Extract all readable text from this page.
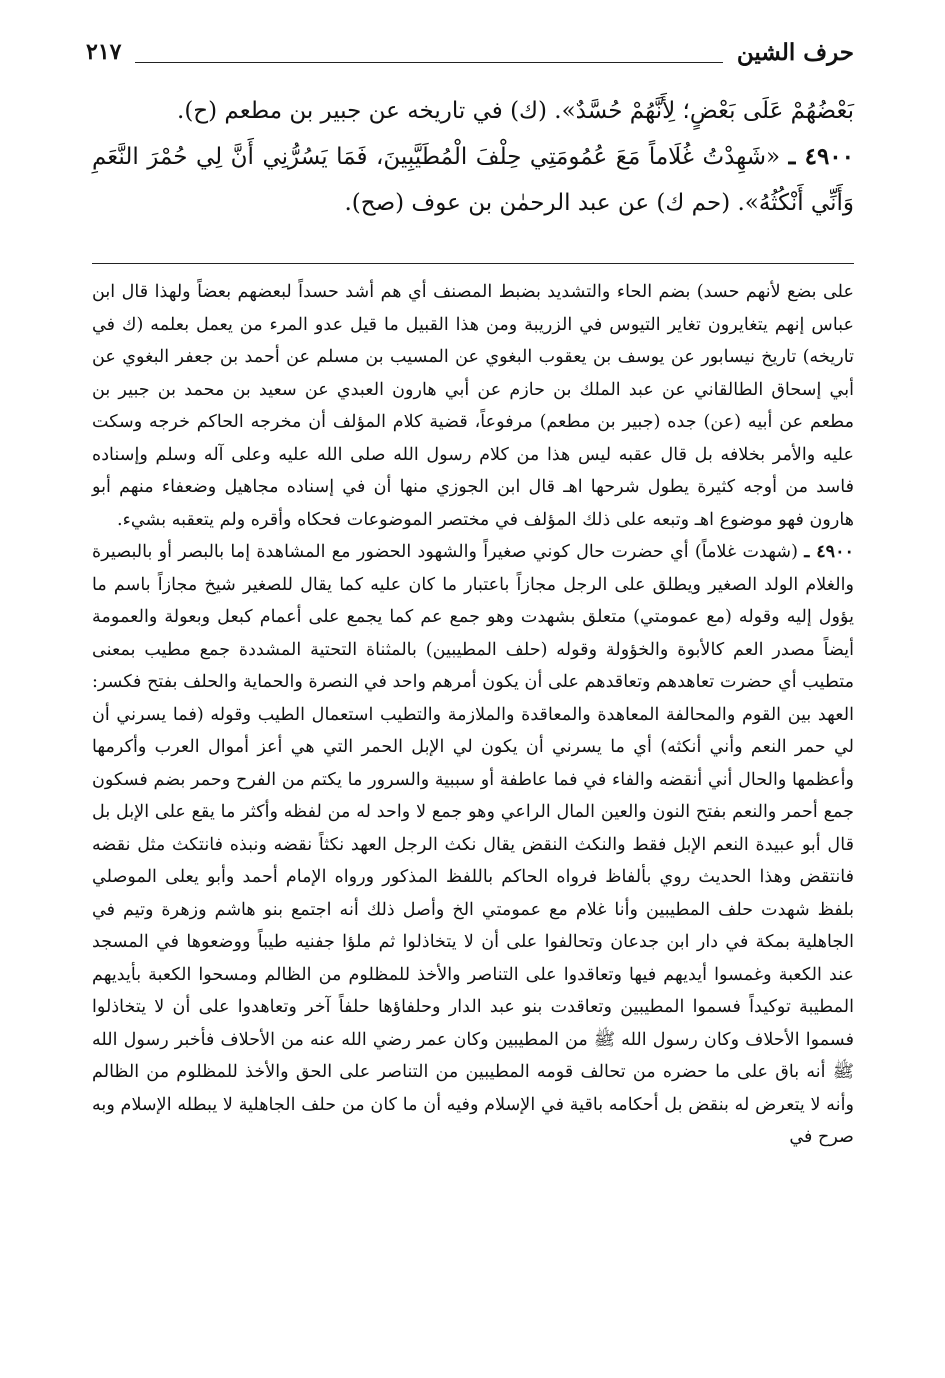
٢١٧	حرف الشين

بَعْضُهُمْ عَلَى بَعْضٍ؛ لِأَنَّهُمْ حُسَّدٌ». (ك) في تاريخه عن جبير بن مطعم (ح).

٤٩٠٠ ـ «شَهِدْتُ غُلَاماً مَعَ عُمُومَتِي حِلْفَ الْمُطَيَّبِينَ، فَمَا يَسُرُّنِي أَنَّ لِي حُمْرَ النَّعَمِ وَأَنِّي أَنْكُثُهُ». (حم ك) عن عبد الرحمٰن بن عوف (صح).

على بضع لأنهم حسد) بضم الحاء والتشديد بضبط المصنف أي هم أشد حسداً لبعضهم بعضاً ولهذا قال ابن عباس إنهم يتغايرون تغاير التيوس في الزريبة ومن هذا القبيل ما قيل عدو المرء من يعمل بعلمه (ك في تاريخه) تاريخ نيسابور عن يوسف بن يعقوب البغوي عن المسيب بن مسلم عن أحمد بن جعفر البغوي عن أبي إسحاق الطالقاني عن عبد الملك بن حازم عن أبي هارون العبدي عن سعيد بن محمد بن جبير بن مطعم عن أبيه (عن) جده (جبير بن مطعم) مرفوعاً، قضية كلام المؤلف أن مخرجه الحاكم خرجه وسكت عليه والأمر بخلافه بل قال عقبه ليس هذا من كلام رسول الله صلى الله عليه وعلى آله وسلم وإسناده فاسد من أوجه كثيرة يطول شرحها اهـ قال ابن الجوزي منها أن في إسناده مجاهيل وضعفاء منهم أبو هارون فهو موضوع اهـ وتبعه على ذلك المؤلف في مختصر الموضوعات فحكاه وأقره ولم يتعقبه بشيء.

٤٩٠٠ ـ (شهدت غلاماً) أي حضرت حال كوني صغيراً والشهود الحضور مع المشاهدة إما بالبصر أو بالبصيرة والغلام الولد الصغير ويطلق على الرجل مجازاً باعتبار ما كان عليه كما يقال للصغير شيخ مجازاً باسم ما يؤول إليه وقوله (مع عمومتي) متعلق بشهدت وهو جمع عم كما يجمع على أعمام كبعل وبعولة والعمومة أيضاً مصدر العم كالأبوة والخؤولة وقوله (حلف المطيبين) بالمثناة التحتية المشددة جمع مطيب بمعنى متطيب أي حضرت تعاهدهم وتعاقدهم على أن يكون أمرهم واحد في النصرة والحماية والحلف بفتح فكسر: العهد بين القوم والمحالفة المعاهدة والمعاقدة والملازمة والتطيب استعمال الطيب وقوله (فما يسرني أن لي حمر النعم وأني أنكثه) أي ما يسرني أن يكون لي الإبل الحمر التي هي أعز أموال العرب وأكرمها وأعظمها والحال أني أنقضه والفاء في فما عاطفة أو سببية والسرور ما يكتم من الفرح وحمر بضم فسكون جمع أحمر والنعم بفتح النون والعين المال الراعي وهو جمع لا واحد له من لفظه وأكثر ما يقع على الإبل بل قال أبو عبيدة النعم الإبل فقط والنكث النقض يقال نكث الرجل العهد نكثاً نقضه ونبذه فانتكث مثل نقضه فانتقض وهذا الحديث روي بألفاظ فرواه الحاكم باللفظ المذكور ورواه الإمام أحمد وأبو يعلى الموصلي بلفظ شهدت حلف المطيبين وأنا غلام مع عمومتي الخ وأصل ذلك أنه اجتمع بنو هاشم وزهرة وتيم في الجاهلية بمكة في دار ابن جدعان وتحالفوا على أن لا يتخاذلوا ثم ملؤا جفنيه طيباً ووضعوها في المسجد عند الكعبة وغمسوا أيديهم فيها وتعاقدوا على التناصر والأخذ للمظلوم من الظالم ومسحوا الكعبة بأيديهم المطيبة توكيداً فسموا المطيبين وتعاقدت بنو عبد الدار وحلفاؤها حلفاً آخر وتعاهدوا على أن لا يتخاذلوا فسموا الأحلاف وكان رسول الله ﷺ من المطيبين وكان عمر رضي الله عنه من الأحلاف فأخبر رسول الله ﷺ أنه باق على ما حضره من تحالف قومه المطيبين من التناصر على الحق والأخذ للمظلوم من الظالم وأنه لا يتعرض له بنقض بل أحكامه باقية في الإسلام وفيه أن ما كان من حلف الجاهلية لا يبطله الإسلام وبه صرح في
